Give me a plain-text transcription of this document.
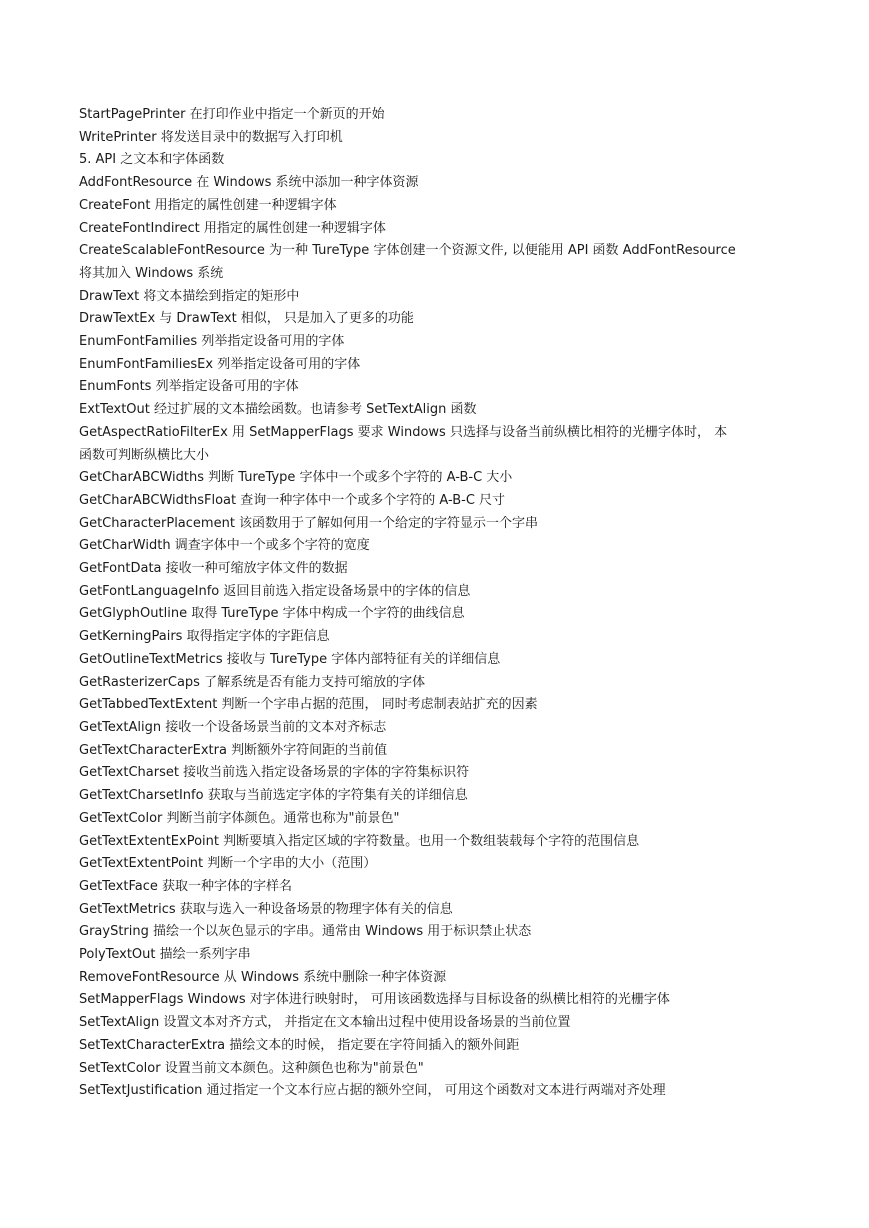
StartPagePrinter 在打印作业中指定一个新页的开始
WritePrinter 将发送目录中的数据写入打印机
5. API 之文本和字体函数
AddFontResource 在 Windows 系统中添加一种字体资源
CreateFont 用指定的属性创建一种逻辑字体
CreateFontIndirect 用指定的属性创建一种逻辑字体
CreateScalableFontResource 为一种 TureType 字体创建一个资源文件, 以便能用 API 函数 AddFontResource
将其加入 Windows 系统
DrawText 将文本描绘到指定的矩形中
DrawTextEx 与 DrawText 相似， 只是加入了更多的功能
EnumFontFamilies 列举指定设备可用的字体
EnumFontFamiliesEx 列举指定设备可用的字体
EnumFonts 列举指定设备可用的字体
ExtTextOut 经过扩展的文本描绘函数。也请参考 SetTextAlign 函数
GetAspectRatioFilterEx 用 SetMapperFlags 要求 Windows 只选择与设备当前纵横比相符的光栅字体时， 本
函数可判断纵横比大小
GetCharABCWidths 判断 TureType 字体中一个或多个字符的 A-B-C 大小
GetCharABCWidthsFloat 查询一种字体中一个或多个字符的 A-B-C 尺寸
GetCharacterPlacement 该函数用于了解如何用一个给定的字符显示一个字串
GetCharWidth 调查字体中一个或多个字符的宽度
GetFontData 接收一种可缩放字体文件的数据
GetFontLanguageInfo 返回目前选入指定设备场景中的字体的信息
GetGlyphOutline 取得 TureType 字体中构成一个字符的曲线信息
GetKerningPairs 取得指定字体的字距信息
GetOutlineTextMetrics 接收与 TureType 字体内部特征有关的详细信息
GetRasterizerCaps 了解系统是否有能力支持可缩放的字体
GetTabbedTextExtent 判断一个字串占据的范围， 同时考虑制表站扩充的因素
GetTextAlign 接收一个设备场景当前的文本对齐标志
GetTextCharacterExtra 判断额外字符间距的当前值
GetTextCharset 接收当前选入指定设备场景的字体的字符集标识符
GetTextCharsetInfo 获取与当前选定字体的字符集有关的详细信息
GetTextColor 判断当前字体颜色。通常也称为"前景色"
GetTextExtentExPoint 判断要填入指定区域的字符数量。也用一个数组装载每个字符的范围信息
GetTextExtentPoint 判断一个字串的大小（范围）
GetTextFace 获取一种字体的字样名
GetTextMetrics 获取与选入一种设备场景的物理字体有关的信息
GrayString 描绘一个以灰色显示的字串。通常由 Windows 用于标识禁止状态
PolyTextOut 描绘一系列字串
RemoveFontResource 从 Windows 系统中删除一种字体资源
SetMapperFlags Windows 对字体进行映射时， 可用该函数选择与目标设备的纵横比相符的光栅字体
SetTextAlign 设置文本对齐方式， 并指定在文本输出过程中使用设备场景的当前位置
SetTextCharacterExtra 描绘文本的时候， 指定要在字符间插入的额外间距
SetTextColor 设置当前文本颜色。这种颜色也称为"前景色"
SetTextJustification 通过指定一个文本行应占据的额外空间， 可用这个函数对文本进行两端对齐处理
